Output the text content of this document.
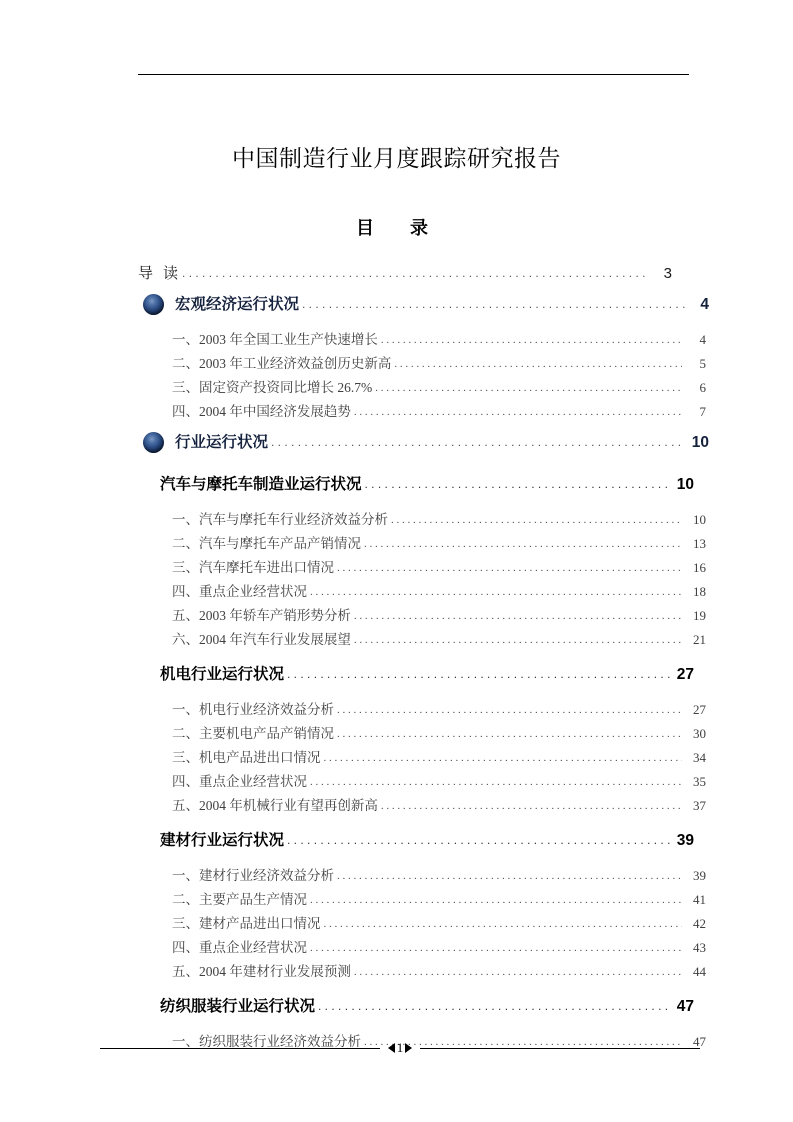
中国制造行业月度跟踪研究报告
目　录
导 读 . . .	3
宏观经济运行状况 . . .	4
一、2003 年全国工业生产快速增长 . . .	4
二、2003 年工业经济效益创历史新高 . . .	5
三、固定资产投资同比增长 26.7% . . .	6
四、2004 年中国经济发展趋势 . . .	7
行业运行状况 . . .	10
汽车与摩托车制造业运行状况 . . .	10
一、汽车与摩托车行业经济效益分析 . . .	10
二、汽车与摩托车产品产销情况 . . .	13
三、汽车摩托车进出口情况 . . .	16
四、重点企业经营状况 . . .	18
五、2003 年轿车产销形势分析 . . .	19
六、2004 年汽车行业发展展望 . . .	21
机电行业运行状况 . . .	27
一、机电行业经济效益分析 . . .	27
二、主要机电产品产销情况 . . .	30
三、机电产品进出口情况 . . .	34
四、重点企业经营状况 . . .	35
五、2004 年机械行业有望再创新高 . . .	37
建材行业运行状况 . . .	39
一、建材行业经济效益分析 . . .	39
二、主要产品生产情况 . . .	41
三、建材产品进出口情况 . . .	42
四、重点企业经营状况 . . .	43
五、2004 年建材行业发展预测 . . .	44
纺织服装行业运行状况 . . .	47
一、纺织服装行业经济效益分析 . . .	47
1
